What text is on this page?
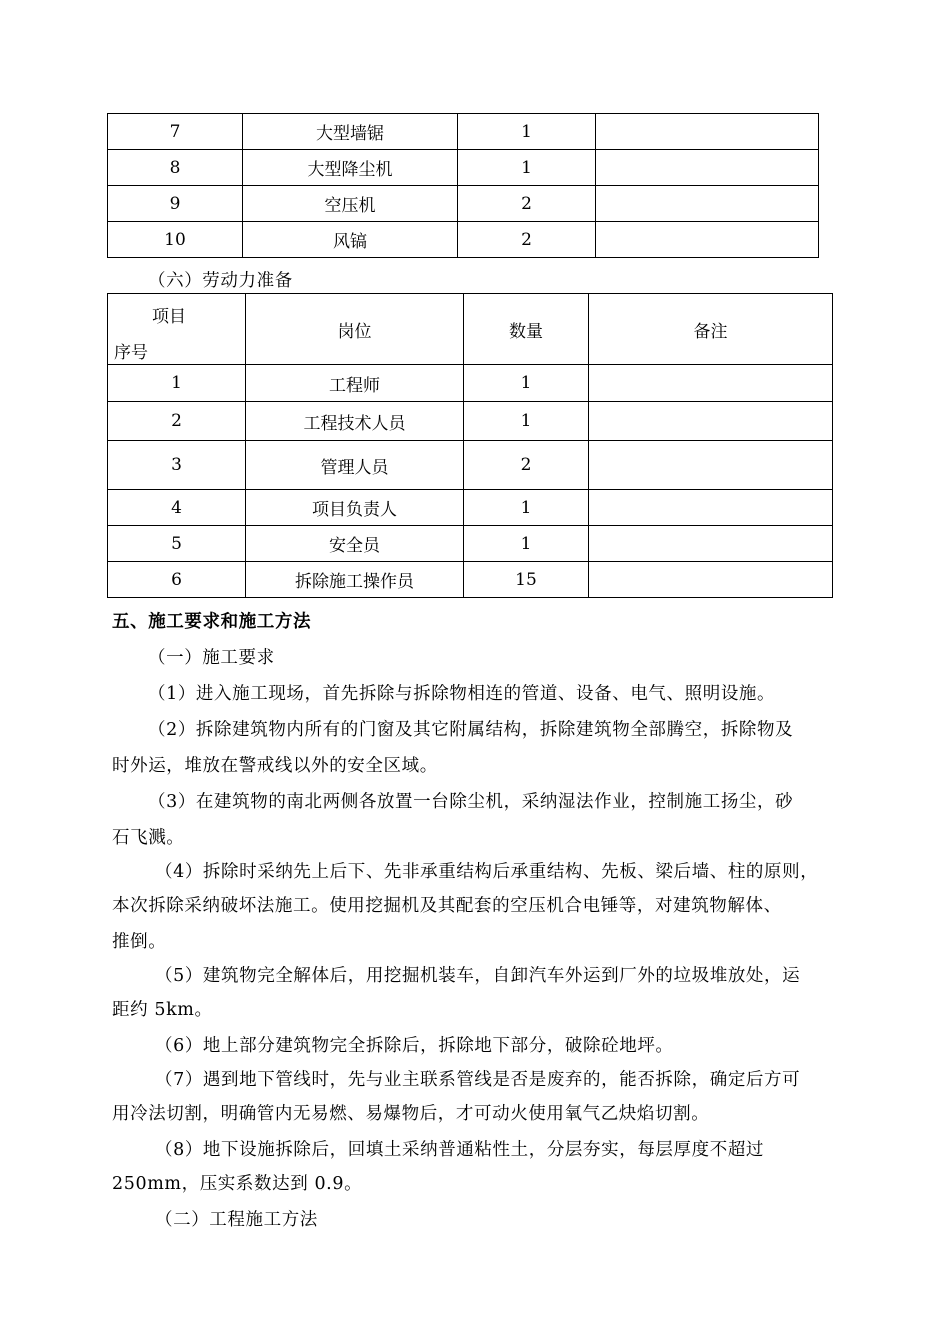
7	大型墙锯	1	
8	大型降尘机	1	
9	空压机	2	
10	风镐	2	
（六）劳动力准备
项目
序号	岗位	数量	备注
1	工程师	1	
2	工程技术人员	1	
3	管理人员	2	
4	项目负责人	1	
5	安全员	1	
6	拆除施工操作员	15	
五、施工要求和施工方法
（一）施工要求
（1）进入施工现场，首先拆除与拆除物相连的管道、设备、电气、照明设施。
（2）拆除建筑物内所有的门窗及其它附属结构，拆除建筑物全部腾空，拆除物及
时外运，堆放在警戒线以外的安全区域。
（3）在建筑物的南北两侧各放置一台除尘机，采纳湿法作业，控制施工扬尘，砂
石飞溅。
（4）拆除时采纳先上后下、先非承重结构后承重结构、先板、梁后墙、柱的原则，
本次拆除采纳破坏法施工。使用挖掘机及其配套的空压机合电锤等，对建筑物解体、
推倒。
（5）建筑物完全解体后，用挖掘机装车，自卸汽车外运到厂外的垃圾堆放处，运
距约 5km。
（6）地上部分建筑物完全拆除后，拆除地下部分，破除砼地坪。
（7）遇到地下管线时，先与业主联系管线是否是废弃的，能否拆除，确定后方可
用冷法切割，明确管内无易燃、易爆物后，才可动火使用氧气乙炔焰切割。
（8）地下设施拆除后，回填土采纳普通粘性土，分层夯实，每层厚度不超过
250mm，压实系数达到 0.9。
（二）工程施工方法
